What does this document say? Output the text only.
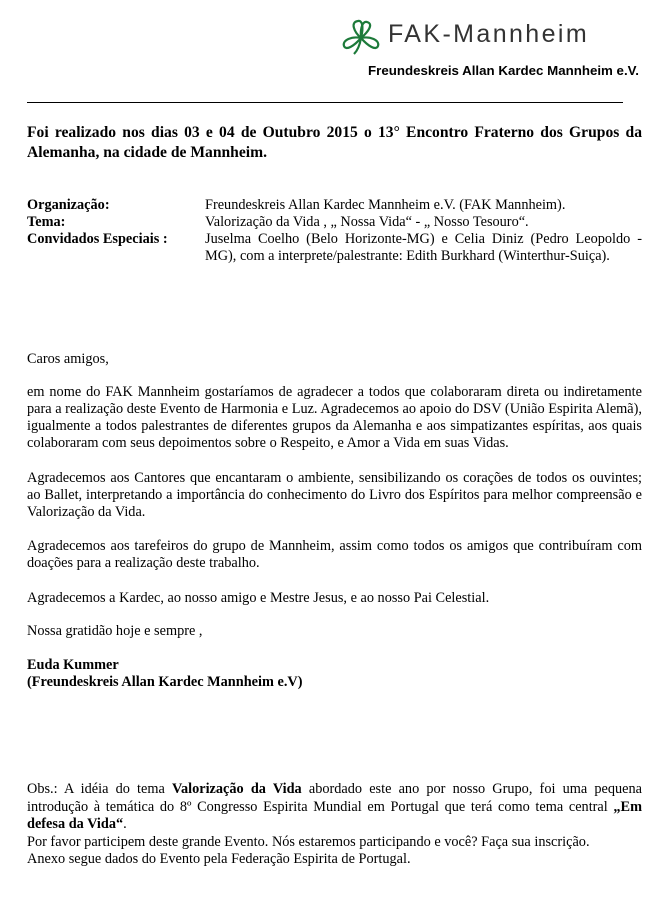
FAK-Mannheim
Freundeskreis Allan Kardec Mannheim e.V.
Foi realizado nos dias 03 e 04 de Outubro 2015 o 13° Encontro Fraterno dos Grupos da Alemanha, na cidade de Mannheim.
Organização:	Freundeskreis Allan Kardec Mannheim e.V. (FAK Mannheim).
Tema:	Valorização da Vida , „ Nossa Vida“ - „ Nosso Tesouro“.
Convidados Especiais :	Juselma Coelho (Belo Horizonte-MG) e Celia Diniz (Pedro Leopoldo - MG), com a interprete/palestrante: Edith Burkhard (Winterthur-Suiça).

Caros amigos,

em nome do FAK Mannheim gostaríamos de agradecer a todos que colaboraram direta ou indiretamente para a realização deste Evento de Harmonia e Luz. Agradecemos ao apoio do DSV (União Espirita Alemã), igualmente a todos palestrantes de diferentes grupos da Alemanha e aos simpatizantes espíritas, aos quais colaboraram com seus depoimentos sobre o Respeito, e Amor a Vida em suas Vidas.

Agradecemos aos Cantores que encantaram o ambiente, sensibilizando os corações de todos os ouvintes; ao Ballet, interpretando a importância do conhecimento do Livro dos Espíritos para melhor compreensão e Valorização da Vida.

Agradecemos aos tarefeiros do grupo de Mannheim, assim como todos os amigos que contribuíram com doações para a realização deste trabalho.

Agradecemos a Kardec, ao nosso amigo e Mestre Jesus, e ao nosso Pai Celestial.

Nossa gratidão hoje e sempre ,

Euda Kummer

(Freundeskreis Allan Kardec Mannheim e.V)

Obs.: A idéia do tema Valorização da Vida abordado este ano por nosso Grupo, foi uma pequena introdução à temática do 8º Congresso Espirita Mundial em Portugal que terá como tema central „Em defesa da Vida“.

Por favor participem deste grande Evento. Nós estaremos participando e você? Faça sua inscrição.

Anexo segue dados do Evento pela Federação Espirita de Portugal.
